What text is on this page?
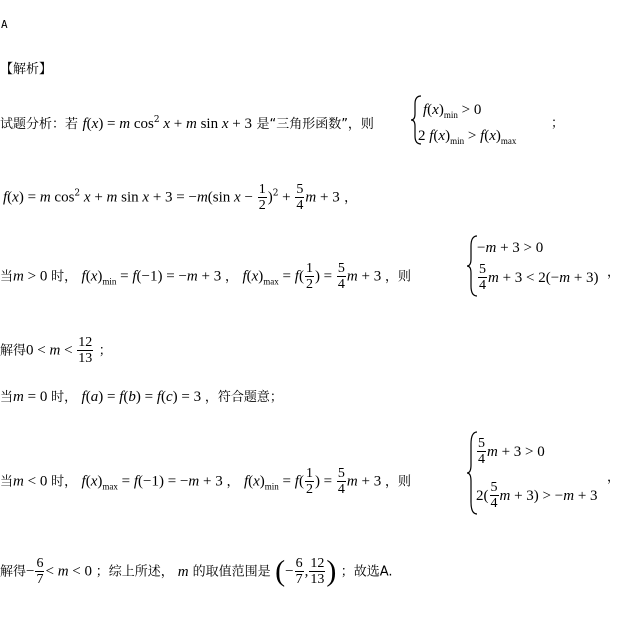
A
【解析】
试题分析：若 f(x) = m $\cos^2 x + m$ sin x + 3 是“三角形函数”，则
$f(x)_{min} > 0$
2 $f(x)_{min} > f(x)_{max}$
；
f(x) = m $\cos^2 x + m$ sin x + 3 = −m(sin $x - \frac{1}{2} )^2 + \frac{5}{4}$ m + 3 ，
当m > 0 时， $f(x)_{min} = f(-1) = -m + 3$ ， $f(x)_{max} = f( \frac{1}{2}$ ) = $\frac{5}{4}$ m + 3 ，则
−m + 3 > 0
$\frac{5}{4}$ m + 3 < 2(−m + 3) ，
解得$0 < m < \frac{12}{13}$ ；
当m = 0 时， f(a) = f(b) = f(c) = 3 ，符合题意；
当m < 0 时， $f(x)_{max} = f(-1) = -m + 3$ ， $f(x)_{min} = f( \frac{1}{2}$ ) = $\frac{5}{4}$ m + 3 ，则
$\frac{5}{4}$ m + 3 > 0
$2( \frac{5}{4}$ m + 3) > −m + 3
，
解得− $\frac{6}{7} < m < 0$ ；综上所述， m 的取值范围是 (− $\frac{6}{7}$ , $\frac{12}{13}$ ) ；故选A.
